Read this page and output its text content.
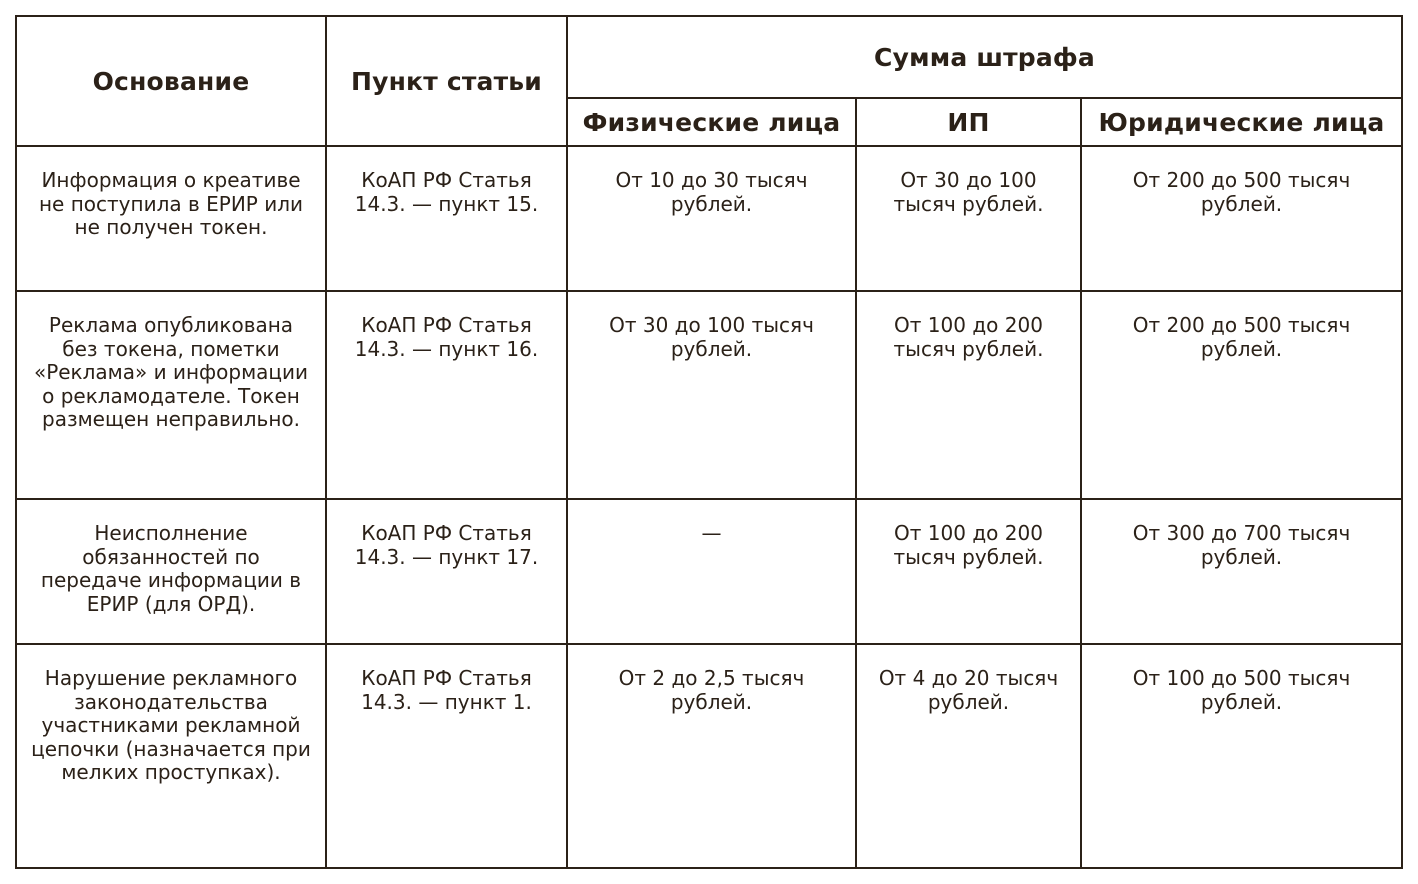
Основание	Пункт статьи	Сумма штрафа		
		Физические лица	ИП	Юридические лица
Информация о креативе не поступила в ЕРИР или не получен токен.	КоАП РФ Статья 14.3. — пункт 15.	От 10 до 30 тысяч рублей.	От 30 до 100 тысяч рублей.	От 200 до 500 тысяч рублей.
Реклама опубликована без токена, пометки «Реклама» и информации о рекламодателе. Токен размещен неправильно.	КоАП РФ Статья 14.3. — пункт 16.	От 30 до 100 тысяч рублей.	От 100 до 200 тысяч рублей.	От 200 до 500 тысяч рублей.
Неисполнение обязанностей по передаче информации в ЕРИР (для ОРД).	КоАП РФ Статья 14.3. — пункт 17.	—	От 100 до 200 тысяч рублей.	От 300 до 700 тысяч рублей.
Нарушение рекламного законодательства участниками рекламной цепочки (назначается при мелких проступках).	КоАП РФ Статья 14.3. — пункт 1.	От 2 до 2,5 тысяч рублей.	От 4 до 20 тысяч рублей.	От 100 до 500 тысяч рублей.
